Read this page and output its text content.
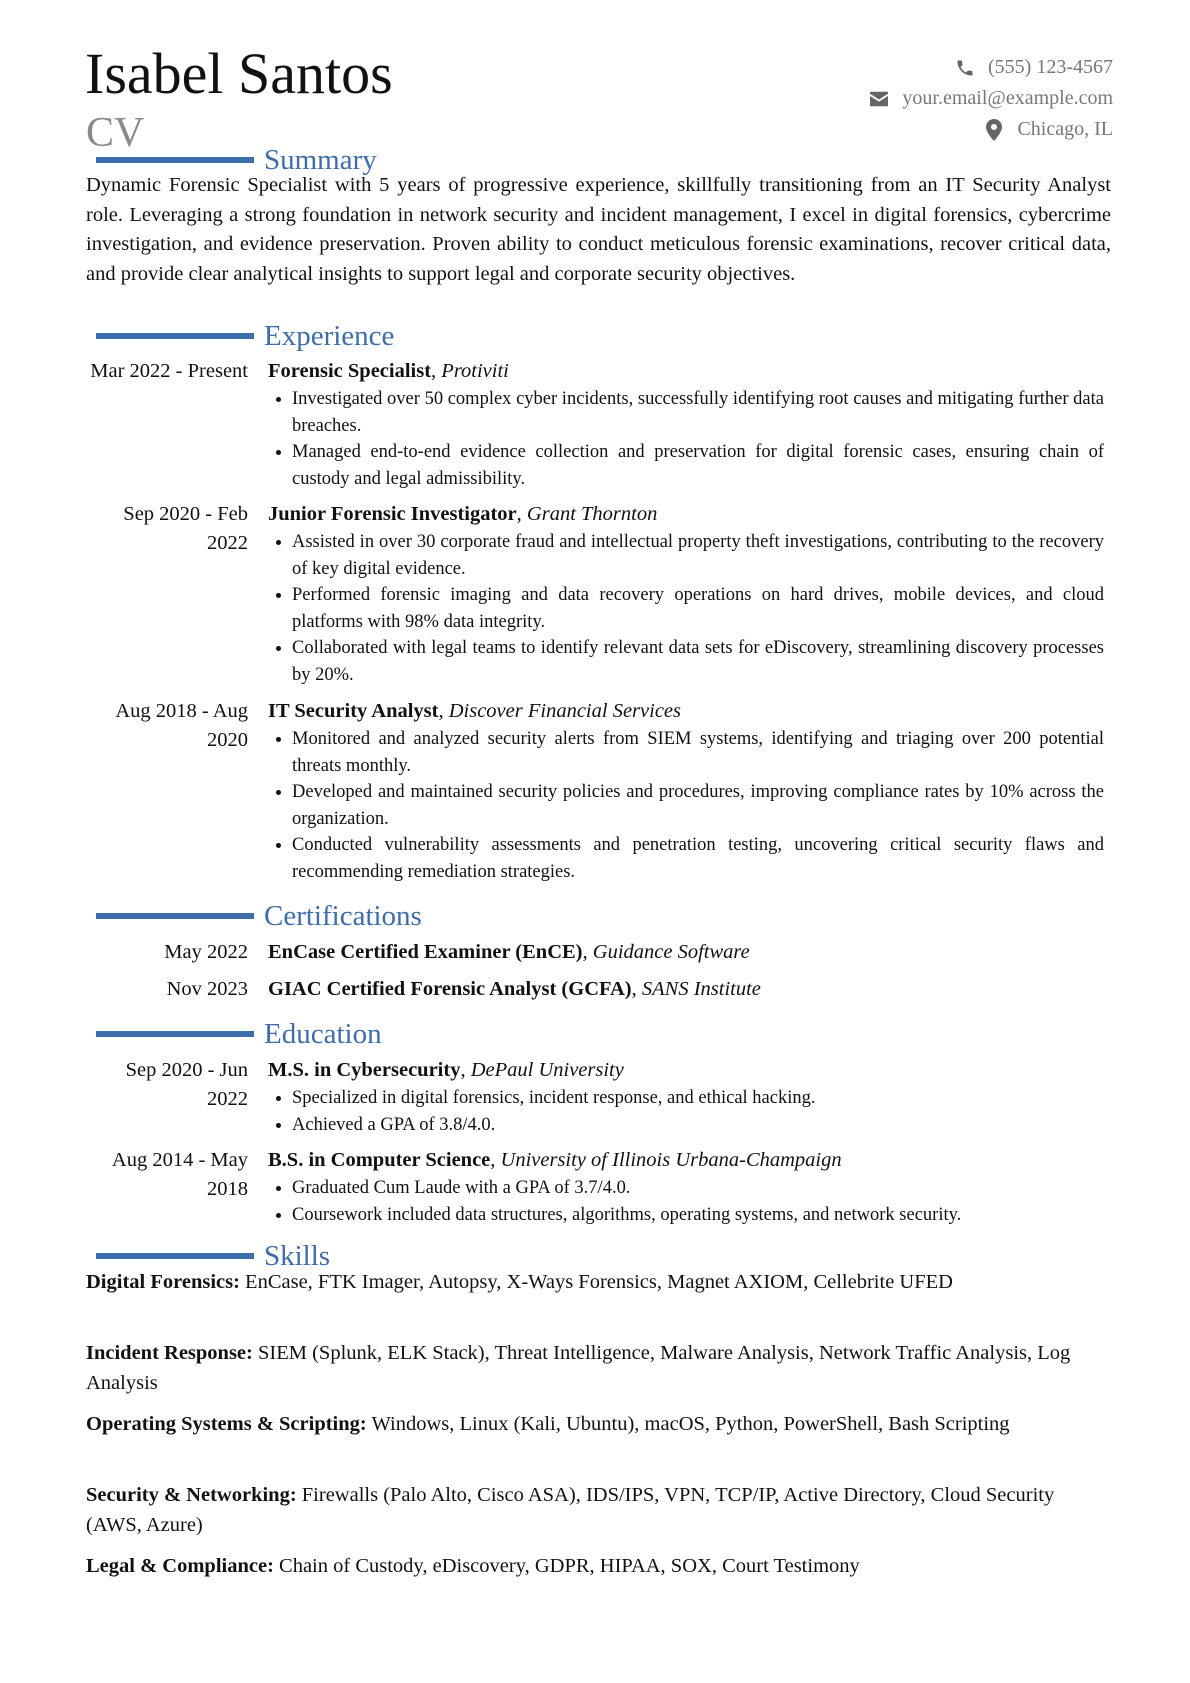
Isabel Santos
CV
(555) 123-4567
your.email@example.com
Chicago, IL
Summary

Dynamic Forensic Specialist with 5 years of progressive experience, skillfully transitioning from an IT Security Analyst role. Leveraging a strong foundation in network security and incident management, I excel in digital forensics, cybercrime investigation, and evidence preservation. Proven ability to conduct meticulous forensic examinations, recover critical data, and provide clear analytical insights to support legal and corporate security objectives.

Experience
Mar 2022 - Present Forensic Specialist, Protiviti
Investigated over 50 complex cyber incidents, successfully identifying root causes and mitigating further data breaches.
Managed end-to-end evidence collection and preservation for digital forensic cases, ensuring chain of custody and legal admissibility.
Sep 2020 - Feb 2022
Junior Forensic Investigator, Grant Thornton
Assisted in over 30 corporate fraud and intellectual property theft investigations, contributing to the recovery of key digital evidence.
Performed forensic imaging and data recovery operations on hard drives, mobile devices, and cloud platforms with 98% data integrity.
Collaborated with legal teams to identify relevant data sets for eDiscovery, streamlining discovery processes by 20%.
Aug 2018 - Aug 2020
IT Security Analyst, Discover Financial Services
Monitored and analyzed security alerts from SIEM systems, identifying and triaging over 200 potential threats monthly.
Developed and maintained security policies and procedures, improving compliance rates by 10% across the organization.
Conducted vulnerability assessments and penetration testing, uncovering critical security flaws and recommending remediation strategies.
Certifications
May 2022 EnCase Certified Examiner (EnCE), Guidance Software
Nov 2023 GIAC Certified Forensic Analyst (GCFA), SANS Institute
Education
Sep 2020 - Jun 2022
M.S. in Cybersecurity, DePaul University
Specialized in digital forensics, incident response, and ethical hacking.
Achieved a GPA of 3.8/4.0.
Aug 2014 - May 2018
B.S. in Computer Science, University of Illinois Urbana-Champaign
Graduated Cum Laude with a GPA of 3.7/4.0.
Coursework included data structures, algorithms, operating systems, and network security.
Skills

Digital Forensics: EnCase, FTK Imager, Autopsy, X-Ways Forensics, Magnet AXIOM, Cellebrite UFED

Incident Response: SIEM (Splunk, ELK Stack), Threat Intelligence, Malware Analysis, Network Traffic Analysis, Log Analysis

Operating Systems & Scripting: Windows, Linux (Kali, Ubuntu), macOS, Python, PowerShell, Bash Scripting

Security & Networking: Firewalls (Palo Alto, Cisco ASA), IDS/IPS, VPN, TCP/IP, Active Directory, Cloud Security (AWS, Azure)

Legal & Compliance: Chain of Custody, eDiscovery, GDPR, HIPAA, SOX, Court Testimony
